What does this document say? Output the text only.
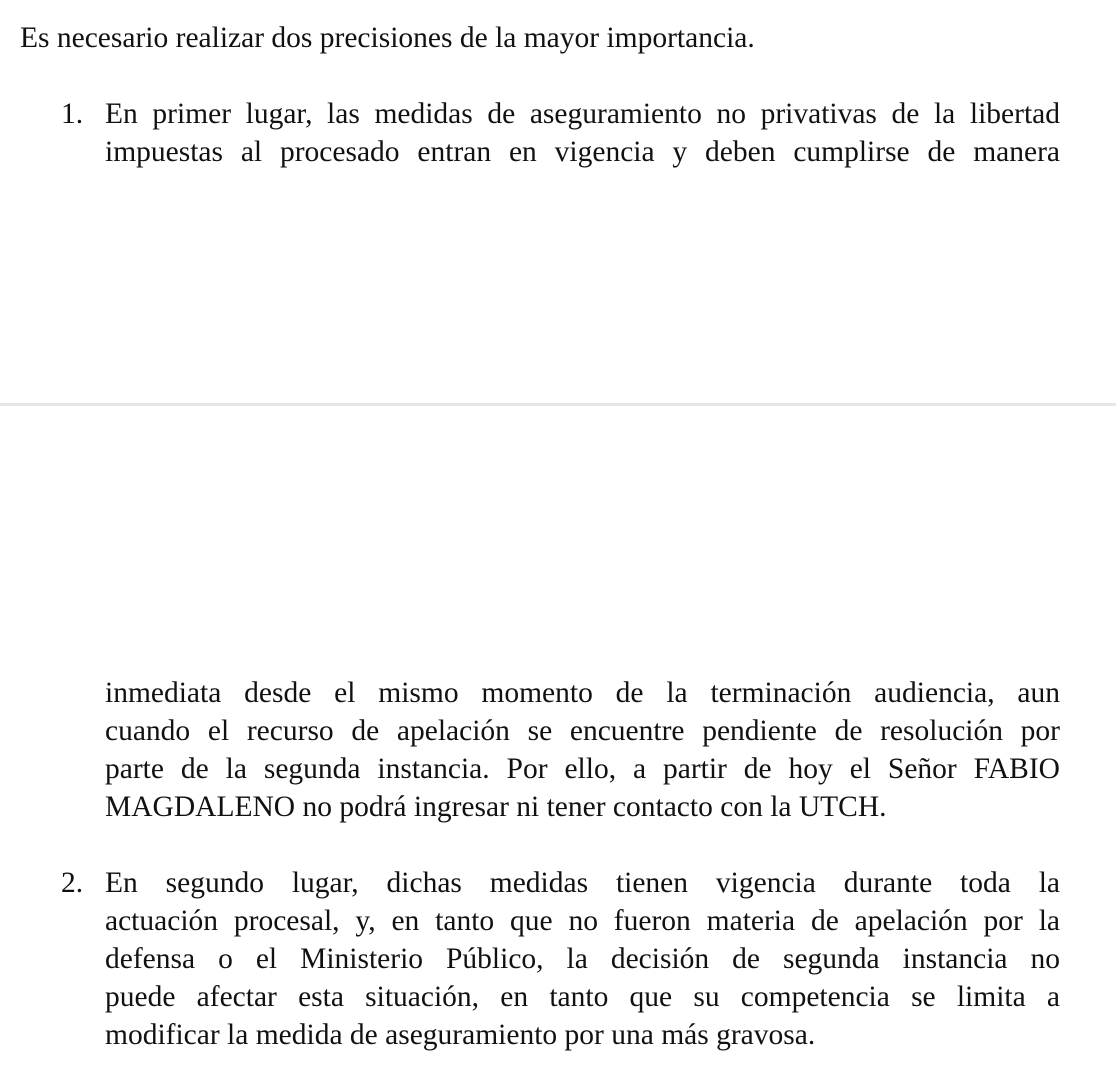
Es necesario realizar dos precisiones de la mayor importancia.
1. En primer lugar, las medidas de aseguramiento no privativas de la libertad
impuestas al procesado entran en vigencia y deben cumplirse de manera
inmediata desde el mismo momento de la terminación audiencia, aun
cuando el recurso de apelación se encuentre pendiente de resolución por
parte de la segunda instancia. Por ello, a partir de hoy el Señor FABIO
MAGDALENO no podrá ingresar ni tener contacto con la UTCH.
2. En segundo lugar, dichas medidas tienen vigencia durante toda la
actuación procesal, y, en tanto que no fueron materia de apelación por la
defensa o el Ministerio Público, la decisión de segunda instancia no
puede afectar esta situación, en tanto que su competencia se limita a
modificar la medida de aseguramiento por una más gravosa.
